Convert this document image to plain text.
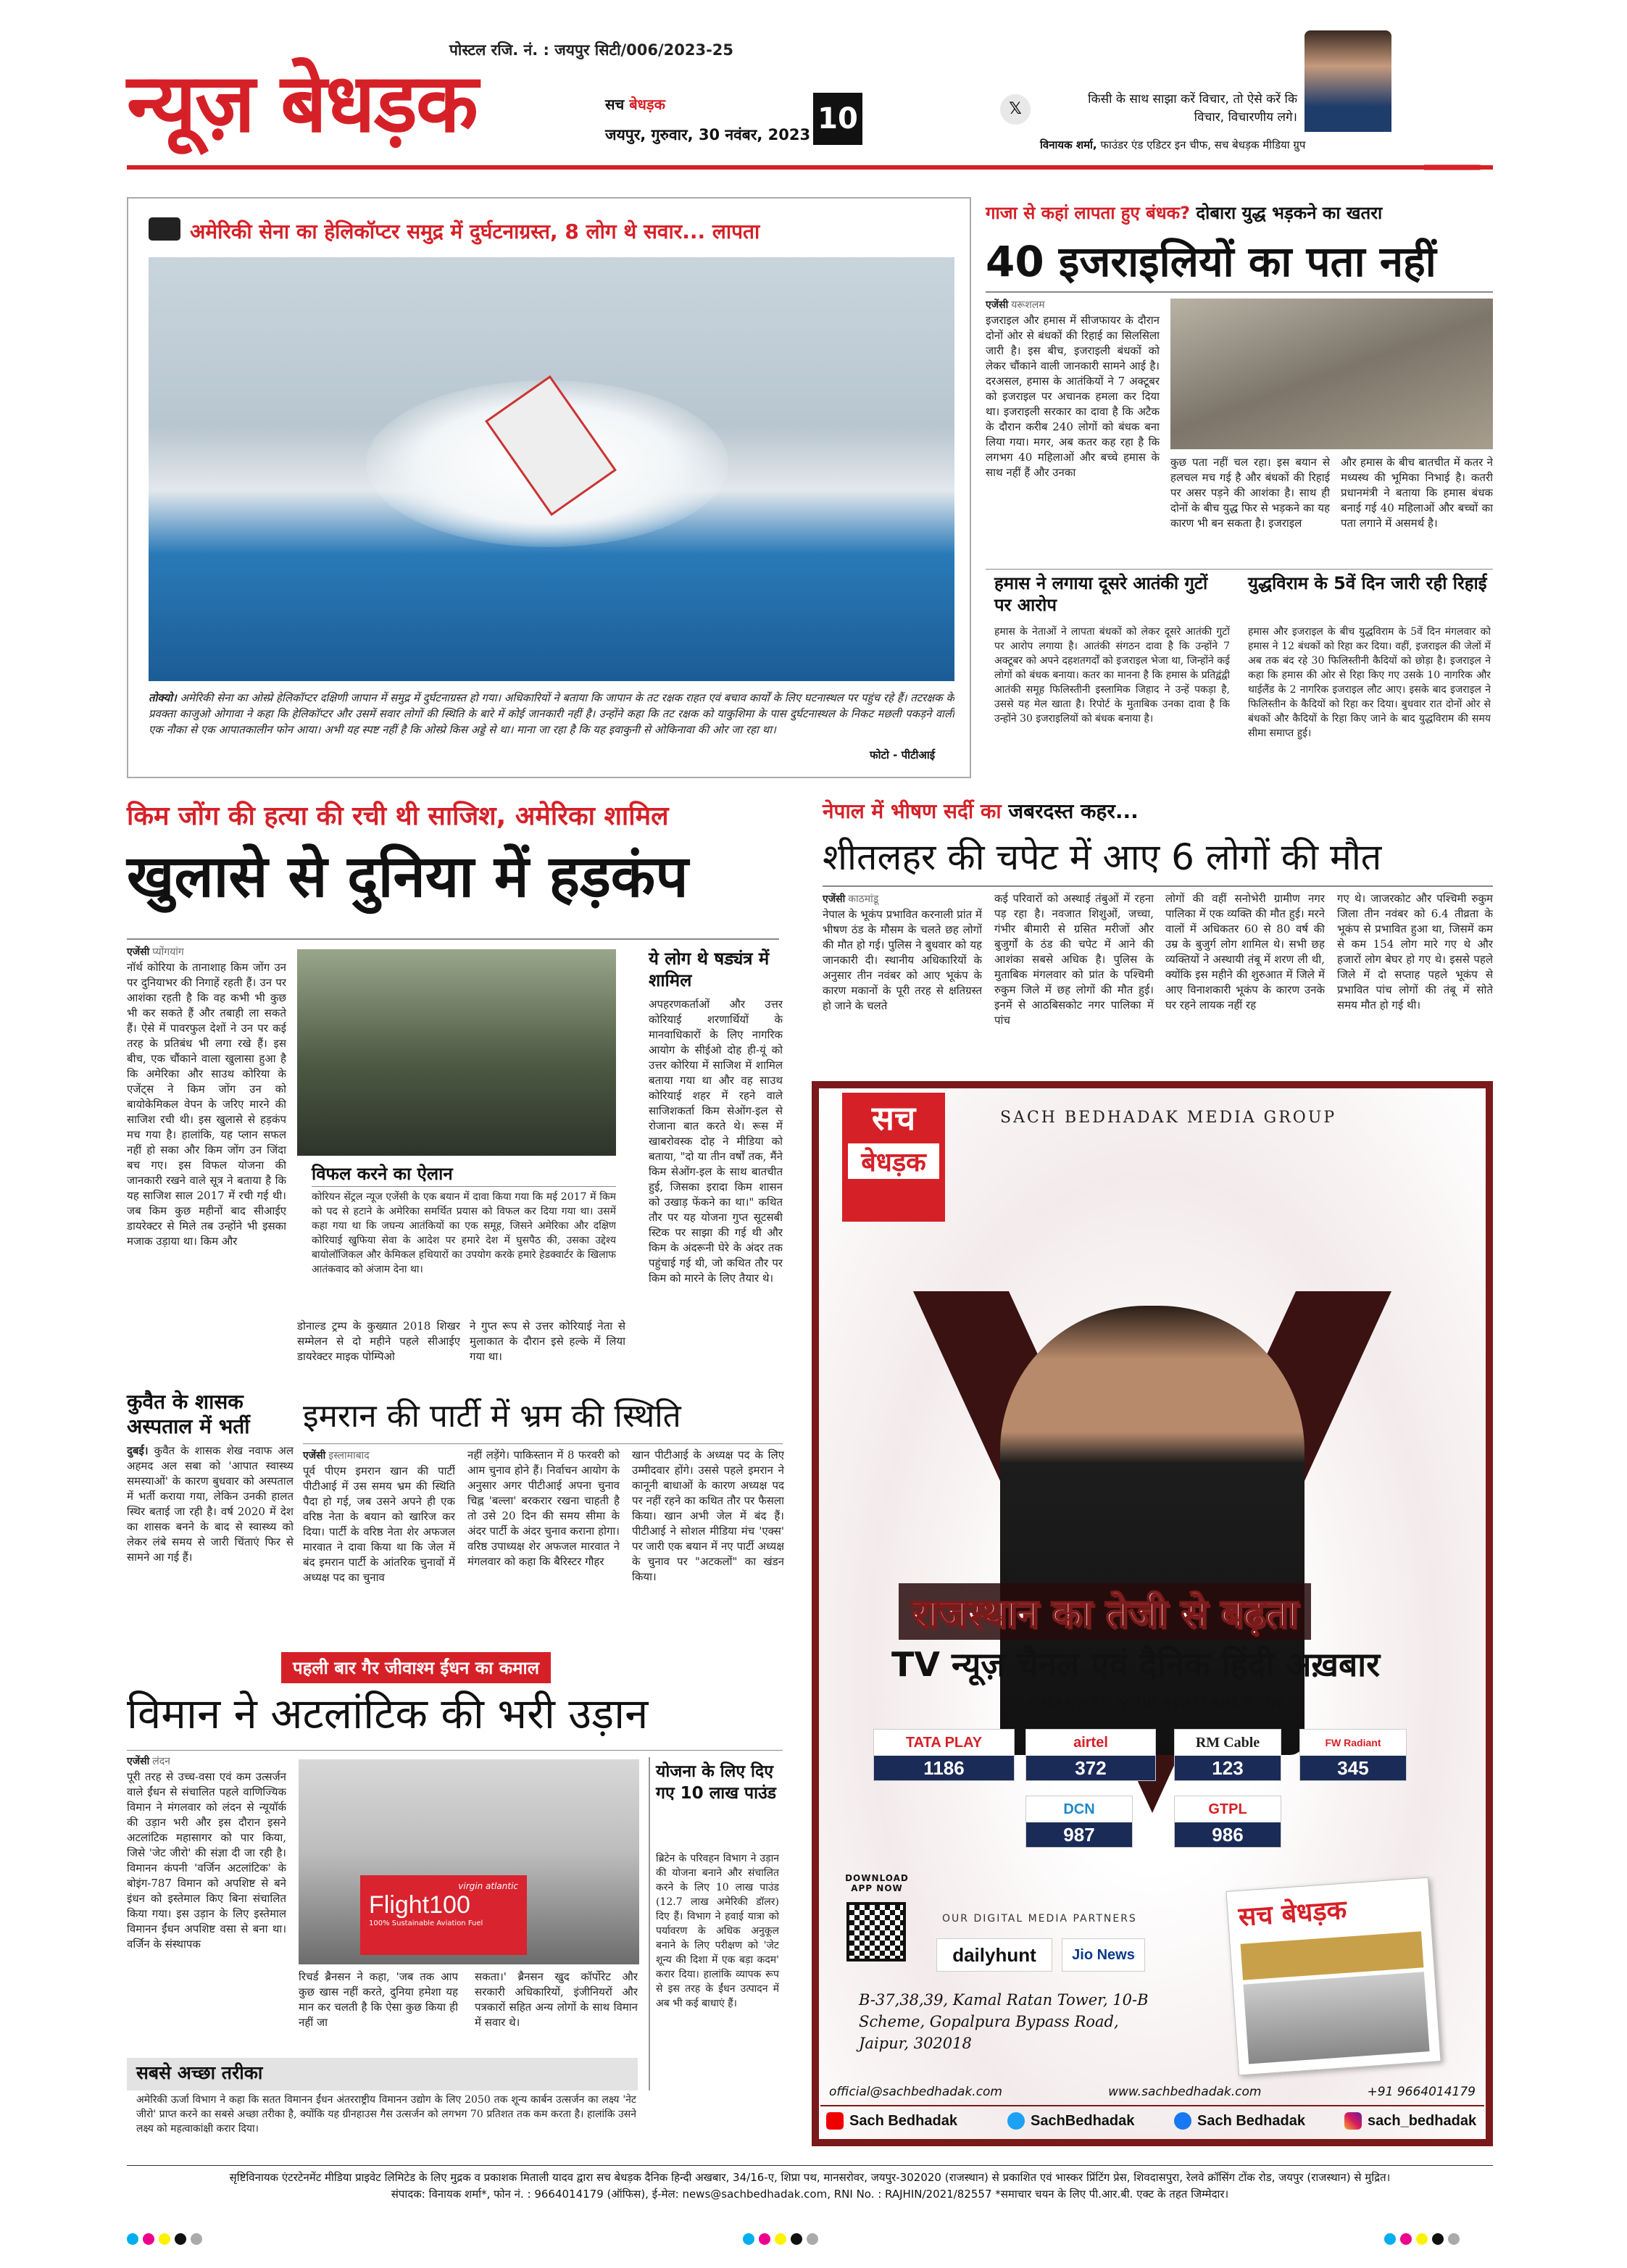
पोस्टल रजि. नं. : जयपुर सिटी/006/2023-25
न्यूज़ बेधड़क	सच बेधड़क
जयपुर, गुरुवार, 30 नवंबर, 2023 10	𝕏
किसी के साथ साझा करें विचार, तो ऐसे करें कि विचार, विचारणीय लगे।
विनायक शर्मा, फाउंडर एंड एडिटर इन चीफ, सच बेधड़क मीडिया ग्रुप
अमेरिकी सेना का हेलिकॉप्टर समुद्र में दुर्घटनाग्रस्त, 8 लोग थे सवार... लापता
तोक्यो। अमेरिकी सेना का ओस्प्रे हेलिकॉप्टर दक्षिणी जापान में समुद्र में दुर्घटनाग्रस्त हो गया। अधिकारियों ने बताया कि जापान के तट रक्षक राहत एवं बचाव कार्यों के लिए घटनास्थल पर पहुंच रहे हैं। तटरक्षक के प्रवक्ता काजुओ ओगावा ने कहा कि हेलिकॉप्टर और उसमें सवार लोगों की स्थिति के बारे में कोई जानकारी नहीं है। उन्होंने कहा कि तट रक्षक को याकुशिमा के पास दुर्घटनास्थल के निकट मछली पकड़ने वाली एक नौका से एक आपातकालीन फोन आया। अभी यह स्पष्ट नहीं है कि ओस्प्रे किस अड्डे से था। माना जा रहा है कि यह इवाकुनी से ओकिनावा की ओर जा रहा था।
फोटो - पीटीआई
गाजा से कहां लापता हुए बंधक? दोबारा युद्ध भड़कने का खतरा
40 इजराइलियों का पता नहीं
एजेंसी यरूशलम
इजराइल और हमास में सीजफायर के दौरान दोनों ओर से बंधकों की रिहाई का सिलसिला जारी है। इस बीच, इजराइली बंधकों को लेकर चौंकाने वाली जानकारी सामने आई है। दरअसल, हमास के आतंकियों ने 7 अक्टूबर को इजराइल पर अचानक हमला कर दिया था। इजराइली सरकार का दावा है कि अटैक के दौरान करीब 240 लोगों को बंधक बना लिया गया। मगर, अब कतर कह रहा है कि लगभग 40 महिलाओं और बच्चे हमास के साथ नहीं हैं और उनका
कुछ पता नहीं चल रहा। इस बयान से हलचल मच गई है और बंधकों की रिहाई पर असर पड़ने की आशंका है। साथ ही दोनों के बीच युद्ध फिर से भड़कने का यह कारण भी बन सकता है। इजराइल
और हमास के बीच बातचीत में कतर ने मध्यस्थ की भूमिका निभाई है। कतरी प्रधानमंत्री ने बताया कि हमास बंधक बनाई गई 40 महिलाओं और बच्चों का पता लगाने में असमर्थ है।
हमास ने लगाया दूसरे आतंकी गुटों पर आरोप
हमास के नेताओं ने लापता बंधकों को लेकर दूसरे आतंकी गुटों पर आरोप लगाया है। आतंकी संगठन दावा है कि उन्होंने 7 अक्टूबर को अपने दहशतगर्दों को इजराइल भेजा था, जिन्होंने कई लोगों को बंधक बनाया। कतर का मानना है कि हमास के प्रतिद्वंद्वी आतंकी समूह फिलिस्तीनी इस्लामिक जिहाद ने उन्हें पकड़ा है, उससे यह मेल खाता है। रिपोर्ट के मुताबिक उनका दावा है कि उन्होंने 30 इजराइलियों को बंधक बनाया है।
युद्धविराम के 5वें दिन जारी रही रिहाई
हमास और इजराइल के बीच युद्धविराम के 5वें दिन मंगलवार को हमास ने 12 बंधकों को रिहा कर दिया। वहीं, इजराइल की जेलों में अब तक बंद रहे 30 फिलिस्तीनी कैदियों को छोड़ा है। इजराइल ने कहा कि हमास की ओर से रिहा किए गए उसके 10 नागरिक और थाईलैंड के 2 नागरिक इजराइल लौट आए। इसके बाद इजराइल ने फिलिस्तीन के कैदियों को रिहा कर दिया। बुधवार रात दोनों ओर से बंधकों और कैदियों के रिहा किए जाने के बाद युद्धविराम की समय सीमा समाप्त हुई।
किम जोंग की हत्या की रची थी साजिश, अमेरिका शामिल
खुलासे से दुनिया में हड़कंप
एजेंसी प्योंगयांग
नॉर्थ कोरिया के तानाशाह किम जोंग उन पर दुनियाभर की निगाहें रहती हैं। उन पर आशंका रहती है कि वह कभी भी कुछ भी कर सकते हैं और तबाही ला सकते हैं। ऐसे में पावरफुल देशों ने उन पर कई तरह के प्रतिबंध भी लगा रखे हैं। इस बीच, एक चौंकाने वाला खुलासा हुआ है कि अमेरिका और साउथ कोरिया के एजेंट्स ने किम जोंग उन को बायोकेमिकल वेपन के जरिए मारने की साजिश रची थी। इस खुलासे से हड़कंप मच गया है। हालांकि, यह प्लान सफल नहीं हो सका और किम जोंग उन जिंदा बच गए। इस विफल योजना की जानकारी रखने वाले सूत्र ने बताया है कि यह साजिश साल 2017 में रची गई थी। जब किम कुछ महीनों बाद सीआईए डायरेक्टर से मिले तब उन्होंने भी इसका मजाक उड़ाया था। किम और
विफल करने का ऐलान
कोरियन सेंट्रल न्यूज एजेंसी के एक बयान में दावा किया गया कि मई 2017 में किम को पद से हटाने के अमेरिका समर्थित प्रयास को विफल कर दिया गया था। उसमें कहा गया था कि जघन्य आतंकियों का एक समूह, जिसने अमेरिका और दक्षिण कोरियाई खुफिया सेवा के आदेश पर हमारे देश में घुसपैठ की, उसका उद्देश्य बायोलॉजिकल और केमिकल हथियारों का उपयोग करके हमारे हेडक्वार्टर के खिलाफ आतंकवाद को अंजाम देना था।
डोनाल्ड ट्रम्प के कुख्यात 2018 शिखर सम्मेलन से दो महीने पहले सीआईए डायरेक्टर माइक पोम्पिओ
ने गुप्त रूप से उत्तर कोरियाई नेता से मुलाकात के दौरान इसे हल्के में लिया गया था।
ये लोग थे षड्यंत्र में शामिल
अपहरणकर्ताओं और उत्तर कोरियाई शरणार्थियों के मानवाधिकारों के लिए नागरिक आयोग के सीईओ दोह ही-यूं को उत्तर कोरिया में साजिश में शामिल बताया गया था और वह साउथ कोरियाई शहर में रहने वाले साजिशकर्ता किम सेओंग-इल से रोजाना बात करते थे। रूस में खाबरोवस्क दोह ने मीडिया को बताया, "दो या तीन वर्षों तक, मैंने किम सेओंग-इल के साथ बातचीत हुई, जिसका इरादा किम शासन को उखाड़ फेंकने का था।" कथित तौर पर यह योजना गुप्त सूटसबी स्टिक पर साझा की गई थी और किम के अंदरूनी घेरे के अंदर तक पहुंचाई गई थी, जो कथित तौर पर किम को मारने के लिए तैयार थे।
नेपाल में भीषण सर्दी का जबरदस्त कहर...
शीतलहर की चपेट में आए 6 लोगों की मौत
एजेंसी काठमांडू
नेपाल के भूकंप प्रभावित करनाली प्रांत में भीषण ठंड के मौसम के चलते छह लोगों की मौत हो गई। पुलिस ने बुधवार को यह जानकारी दी। स्थानीय अधिकारियों के अनुसार तीन नवंबर को आए भूकंप के कारण मकानों के पूरी तरह से क्षतिग्रस्त हो जाने के चलते
कई परिवारों को अस्थाई तंबुओं में रहना पड़ रहा है। नवजात शिशुओं, जच्चा, गंभीर बीमारी से ग्रसित मरीजों और बुजुर्गों के ठंड की चपेट में आने की आशंका सबसे अधिक है। पुलिस के मुताबिक मंगलवार को प्रांत के पश्चिमी रुकुम जिले में छह लोगों की मौत हुई। इनमें से आठबिसकोट नगर पालिका में पांच
लोगों की वहीं सनोभेरी ग्रामीण नगर पालिका में एक व्यक्ति की मौत हुई। मरने वालों में अधिकतर 60 से 80 वर्ष की उम्र के बुजुर्ग लोग शामिल थे। सभी छह व्यक्तियों ने अस्थायी तंबू में शरण ली थी, क्योंकि इस महीने की शुरुआत में जिले में आए विनाशकारी भूकंप के कारण उनके घर रहने लायक नहीं रह
गए थे। जाजरकोट और पश्चिमी रुकुम जिला तीन नवंबर को 6.4 तीव्रता के भूकंप से प्रभावित हुआ था, जिसमें कम से कम 154 लोग मारे गए थे और हजारों लोग बेघर हो गए थे। इससे पहले जिले में दो सप्ताह पहले भूकंप से प्रभावित पांच लोगों की तंबू में सोते समय मौत हो गई थी।
कुवैत के शासक अस्पताल में भर्ती
दुबई। कुवैत के शासक शेख नवाफ अल अहमद अल सबा को 'आपात स्वास्थ्य समस्याओं' के कारण बुधवार को अस्पताल में भर्ती कराया गया, लेकिन उनकी हालत स्थिर बताई जा रही है। वर्ष 2020 में देश का शासक बनने के बाद से स्वास्थ्य को लेकर लंबे समय से जारी चिंताएं फिर से सामने आ गई हैं।
इमरान की पार्टी में भ्रम की स्थिति
एजेंसी इस्लामाबाद
पूर्व पीएम इमरान खान की पार्टी पीटीआई में उस समय भ्रम की स्थिति पैदा हो गई, जब उसने अपने ही एक वरिष्ठ नेता के बयान को खारिज कर दिया। पार्टी के वरिष्ठ नेता शेर अफजल मारवात ने दावा किया था कि जेल में बंद इमरान पार्टी के आंतरिक चुनावों में अध्यक्ष पद का चुनाव
नहीं लड़ेंगे। पाकिस्तान में 8 फरवरी को आम चुनाव होने हैं। निर्वाचन आयोग के अनुसार अगर पीटीआई अपना चुनाव चिह्न 'बल्ला' बरकरार रखना चाहती है तो उसे 20 दिन की समय सीमा के अंदर पार्टी के अंदर चुनाव कराना होगा। वरिष्ठ उपाध्यक्ष शेर अफजल मारवात ने मंगलवार को कहा कि बैरिस्टर गौहर
खान पीटीआई के अध्यक्ष पद के लिए उम्मीदवार होंगे। उससे पहले इमरान ने कानूनी बाधाओं के कारण अध्यक्ष पद पर नहीं रहने का कथित तौर पर फैसला किया। खान अभी जेल में बंद हैं। पीटीआई ने सोशल मीडिया मंच 'एक्स' पर जारी एक बयान में नए पार्टी अध्यक्ष के चुनाव पर "अटकलों" का खंडन किया।
पहली बार गैर जीवाश्म ईंधन का कमाल
विमान ने अटलांटिक की भरी उड़ान
एजेंसी लंदन
पूरी तरह से उच्च-वसा एवं कम उत्सर्जन वाले ईंधन से संचालित पहले वाणिज्यिक विमान ने मंगलवार को लंदन से न्यूयॉर्क की उड़ान भरी और इस दौरान इसने अटलांटिक महासागर को पार किया, जिसे 'जेट जीरो' की संज्ञा दी जा रही है। विमानन कंपनी 'वर्जिन अटलांटिक' के बोइंग-787 विमान को अपशिष्ट से बने इंधन को इस्तेमाल किए बिना संचालित किया गया। इस उड़ान के लिए इस्तेमाल विमानन ईंधन अपशिष्ट वसा से बना था। वर्जिन के संस्थापक
virgin atlantic
Flight100
100% Sustainable Aviation Fuel
रिचर्ड ब्रैनसन ने कहा, 'जब तक आप कुछ खास नहीं करते, दुनिया हमेशा यह मान कर चलती है कि ऐसा कुछ किया ही नहीं जा
सकता।' ब्रैनसन खुद कॉर्पोरेट और सरकारी अधिकारियों, इंजीनियरों और पत्रकारों सहित अन्य लोगों के साथ विमान में सवार थे।
योजना के लिए दिए गए 10 लाख पाउंड
ब्रिटेन के परिवहन विभाग ने उड़ान की योजना बनाने और संचालित करने के लिए 10 लाख पाउंड (12.7 लाख अमेरिकी डॉलर) दिए हैं। विभाग ने हवाई यात्रा को पर्यावरण के अधिक अनुकूल बनाने के लिए परीक्षण को 'जेट शून्य की दिशा में एक बड़ा कदम' करार दिया। हालांकि व्यापक रूप से इस तरह के ईंधन उत्पादन में अब भी कई बाधाएं हैं।
सबसे अच्छा तरीका
अमेरिकी ऊर्जा विभाग ने कहा कि सतत विमानन ईंधन अंतरराष्ट्रीय विमानन उद्योग के लिए 2050 तक शून्य कार्बन उत्सर्जन का लक्ष्य 'नेट जीरो' प्राप्त करने का सबसे अच्छा तरीका है, क्योंकि यह ग्रीनहाउस गैस उत्सर्जन को लगभग 70 प्रतिशत तक कम करता है। हालांकि उसने लक्ष्य को महत्वाकांक्षी करार दिया।
सच
बेधड़क
SACH BEDHADAK MEDIA GROUP
राजस्थान का तेजी से बढ़ता
TV न्यूज़ चैनल एवं दैनिक हिंदी अख़बार
CHANNEL NOW AVAILABLE ON
TATA PLAY
1186
airtel
372
RM Cable
123
FW Radiant
345
DCN
987
GTPL
986
DOWNLOAD APP NOW
OUR DIGITAL MEDIA PARTNERS
dailyhunt	Jio News
B-37,38,39, Kamal Ratan Tower, 10-B Scheme, Gopalpura Bypass Road, Jaipur, 302018
सच बेधड़क
official@sachbedhadak.com	www.sachbedhadak.com	+91 9664014179
Sach Bedhadak	SachBedhadak	Sach Bedhadak	sach_bedhadak
सृष्टिविनायक एंटरटेनमेंट मीडिया प्राइवेट लिमिटेड के लिए मुद्रक व प्रकाशक मिताली यादव द्वारा सच बेधड़क दैनिक हिन्दी अखबार, 34/16-ए, शिप्रा पथ, मानसरोवर, जयपुर-302020 (राजस्थान) से प्रकाशित एवं भास्कर प्रिंटिंग प्रेस, शिवदासपुरा, रेलवे क्रॉसिंग टोंक रोड, जयपुर (राजस्थान) से मुद्रित।
संपादक: विनायक शर्मा*, फोन नं. : 9664014179 (ऑफिस), ई-मेल: news@sachbedhadak.com, RNI No. : RAJHIN/2021/82557 *समाचार चयन के लिए पी.आर.बी. एक्ट के तहत जिम्मेदार।
